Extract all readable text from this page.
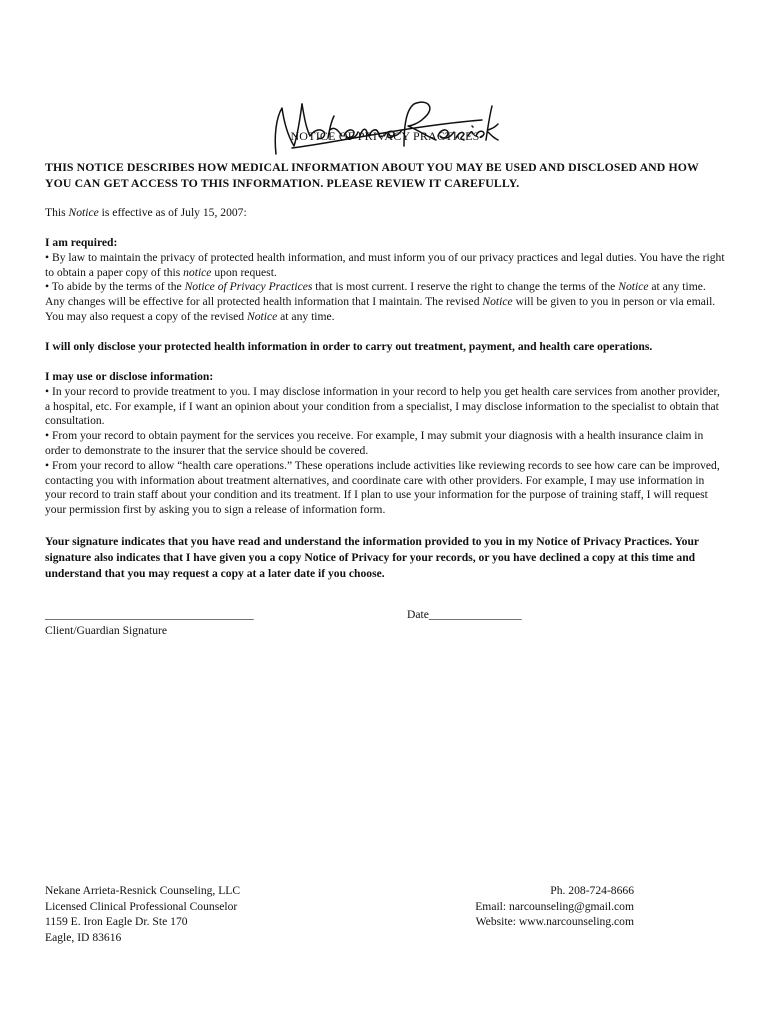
NOTICE OF PRIVACY PRACTICES
THIS NOTICE DESCRIBES HOW MEDICAL INFORMATION ABOUT YOU MAY BE USED AND DISCLOSED AND HOW YOU CAN GET ACCESS TO THIS INFORMATION. PLEASE REVIEW IT CAREFULLY.
This Notice is effective as of July 15, 2007:
I am required:
• By law to maintain the privacy of protected health information, and must inform you of our privacy practices and legal duties. You have the right to obtain a paper copy of this notice upon request.
• To abide by the terms of the Notice of Privacy Practices that is most current. I reserve the right to change the terms of the Notice at any time. Any changes will be effective for all protected health information that I maintain. The revised Notice will be given to you in person or via email. You may also request a copy of the revised Notice at any time.
I will only disclose your protected health information in order to carry out treatment, payment, and health care operations.
I may use or disclose information:
• In your record to provide treatment to you. I may disclose information in your record to help you get health care services from another provider, a hospital, etc. For example, if I want an opinion about your condition from a specialist, I may disclose information to the specialist to obtain that consultation.
• From your record to obtain payment for the services you receive. For example, I may submit your diagnosis with a health insurance claim in order to demonstrate to the insurer that the service should be covered.
• From your record to allow “health care operations.” These operations include activities like reviewing records to see how care can be improved, contacting you with information about treatment alternatives, and coordinate care with other providers. For example, I may use information in your record to train staff about your condition and its treatment. If I plan to use your information for the purpose of training staff, I will request your permission first by asking you to sign a release of information form.
Your signature indicates that you have read and understand the information provided to you in my Notice of Privacy Practices. Your signature also indicates that I have given you a copy Notice of Privacy for your records, or you have declined a copy at this time and understand that you may request a copy at a later date if you choose.
____________________________________
Client/Guardian Signature
Date________________
Nekane Arrieta-Resnick Counseling, LLC
Licensed Clinical Professional Counselor
1159 E. Iron Eagle Dr. Ste 170
Eagle, ID 83616
Ph. 208-724-8666
Email: narcounseling@gmail.com
Website: www.narcounseling.com
